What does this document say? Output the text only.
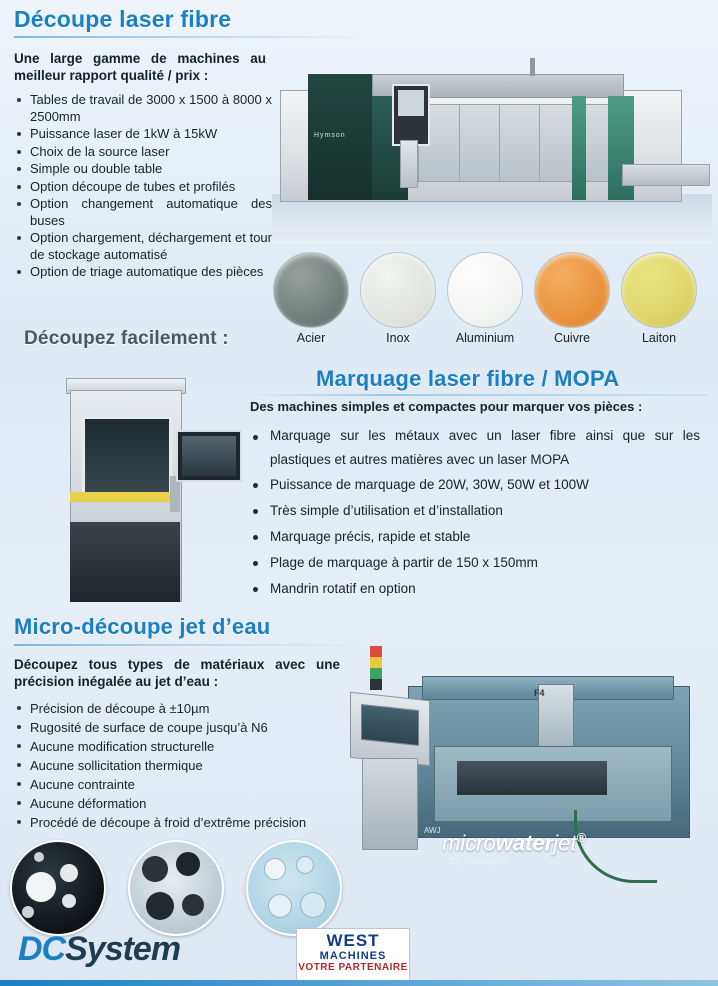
Découpe laser fibre
Une large gamme de machines au meilleur rapport qualité / prix :
Tables de travail de 3000 x 1500 à 8000 x 2500mm
Puissance laser de 1kW à 15kW
Choix de la source laser
Simple ou double table
Option découpe de tubes et profilés
Option changement automatique des buses
Option chargement, déchargement et tour de stockage automatisé
Option de triage automatique des pièces
Hymson
Découpez facilement :	Acier	Inox	Aluminium	Cuivre	Laiton
Marquage laser fibre / MOPA
Des machines simples et compactes pour marquer vos pièces :
Marquage sur les métaux avec un laser fibre ainsi que sur les plastiques et autres matières avec un laser MOPA
Puissance de marquage de 20W, 30W, 50W et 100W
Très simple d’utilisation et d’installation
Marquage précis, rapide et stable
Plage de marquage à partir de 150 x 150mm
Mandrin rotatif en option
Micro-découpe jet d’eau
Découpez tous types de matériaux avec une précision inégalée au jet d’eau :
Précision de découpe à ±10µm
Rugosité de surface de coupe jusqu’à N6
Aucune modification structurelle
Aucune sollicitation thermique
Aucune contrainte
Aucune déformation
Procédé de découpe à froid d’extrême précision
F4
AWJ microwaterjet®
by Daetwyler
DCSystem	WEST
MACHINES
VOTRE PARTENAIRE
